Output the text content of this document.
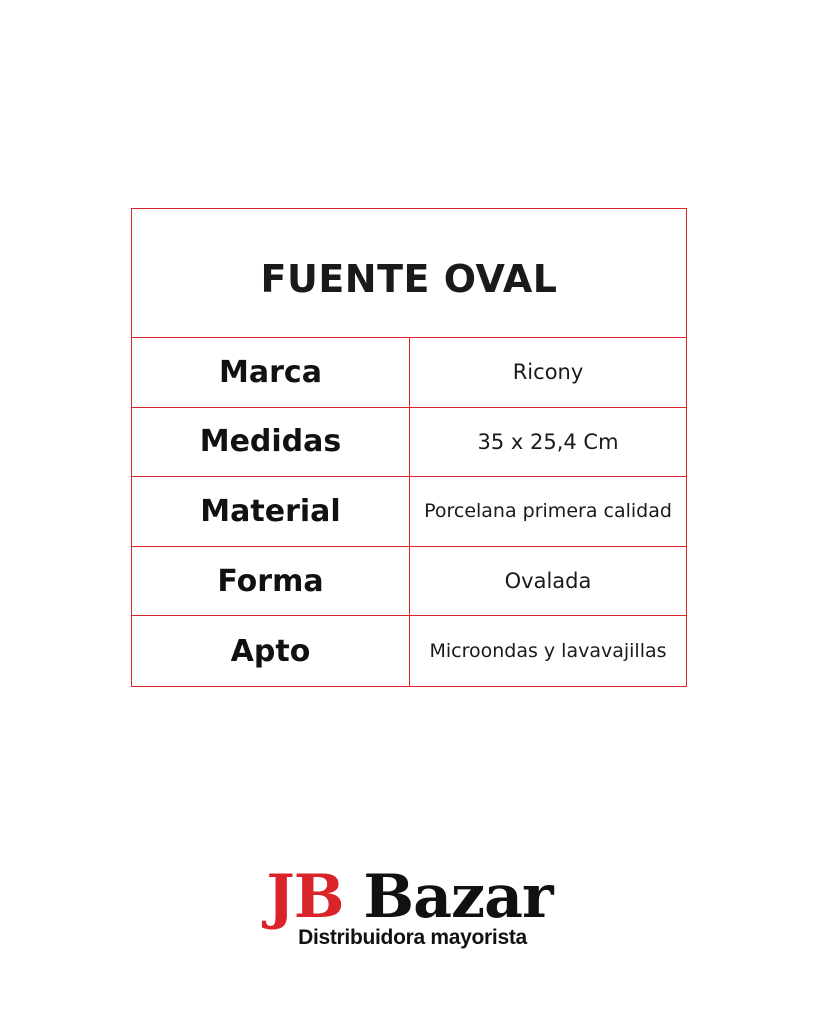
FUENTE OVAL
Marca	Ricony
Medidas	35 x 25,4 Cm
Material	Porcelana primera calidad
Forma	Ovalada
Apto	Microondas y lavavajillas
JB Bazar
Distribuidora mayorista
